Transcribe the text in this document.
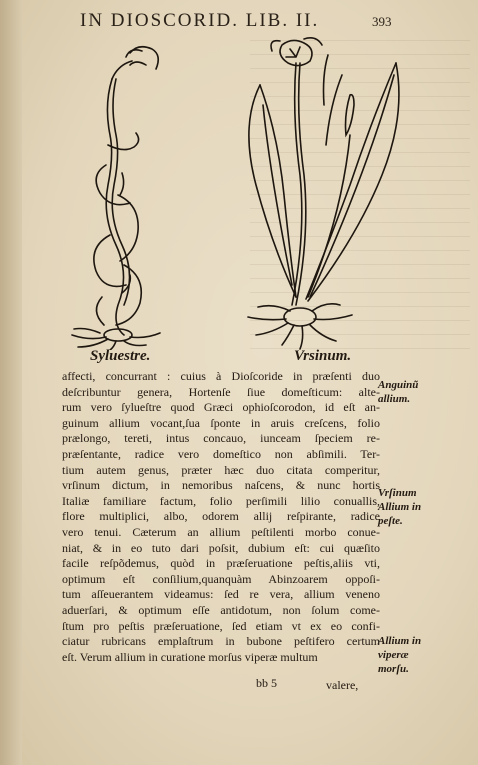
IN DIOSCORID. LIB. II.	393
Syluestre.	Vrsinum.
affecti, concurrant : cuius à Dioſcoride in præſenti duo
deſcribuntur genera, Hortenſe ſiue domeſticum: alte-
rum vero ſylueſtre quod Græci ophioſcorodon, id eſt an-
guinum allium vocant,ſua ſponte in aruis creſcens, folio
prælongo, tereti, intus concauo, iunceam ſpeciem re-
præſentante, radice vero domeſtico non abſimili. Ter-
tium autem genus, præter hæc duo citata comperitur,
vrſinum dictum, in nemoribus naſcens, & nunc hortis
Italiæ familiare factum, folio perſimili lilio conuallis,
flore multiplici, albo, odorem allij reſpirante, radice
vero tenui. Cæterum an allium peſtilenti morbo conue-
niat, & in eo tuto dari poſsit, dubium eſt: cui quæſito
facile reſpõdemus, quòd in præſeruatione peſtis,aliis vti,
optimum eſt conſilium,quanquàm Abinzoarem oppoſi-
tum aſſeuerantem videamus: ſed re vera, allium veneno
aduerſari, & optimum eſſe antidotum, non ſolum come-
ſtum pro peſtis præſeruatione, ſed etiam vt ex eo confi-
ciatur rubricans emplaſtrum in bubone peſtifero certum
eſt. Verum allium in curatione morſus viperæ multum
Anguinũ
allium.
Vrſinum
Allium in
peſte.
Allium in
viperæ
morſu.
bb 5	valere,
